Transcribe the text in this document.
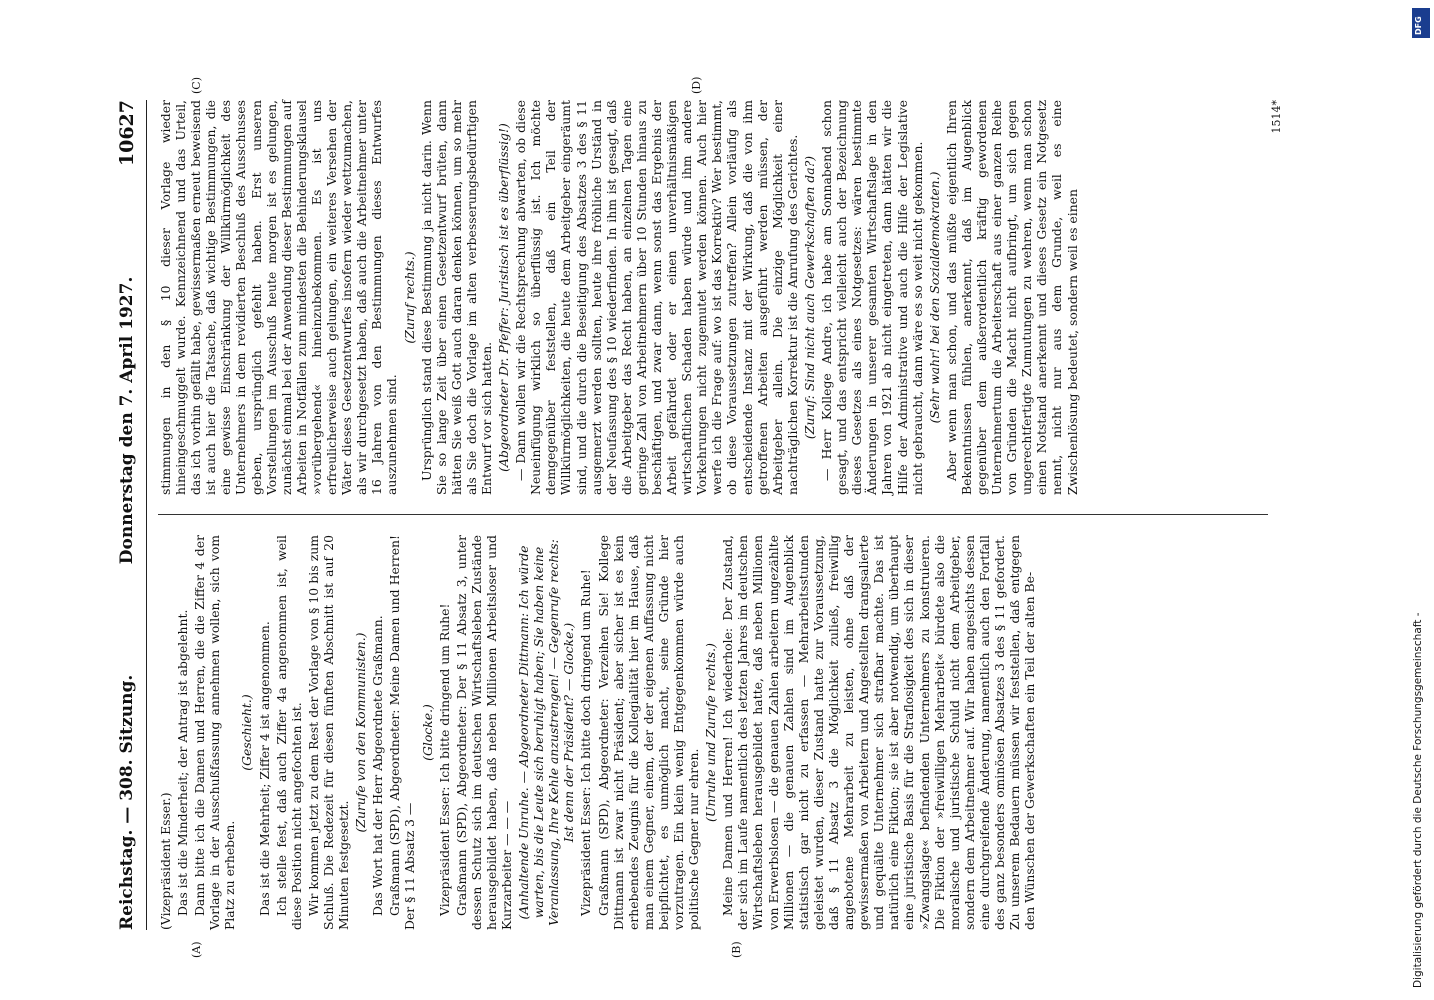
Reichstag. — 308. Sitzung.
Donnerstag den 7. April 1927.
10627

(Vizepräsident Esser.) Das ist die Minderheit; der Antrag ist abgelehnt. Dann bitte ich die Damen und Herren, die die Ziffer 4 der Vorlage in der Ausschußfassung annehmen wollen, sich vom Platz zu erheben.

(Geschieht.) Das ist die Mehrheit; Ziffer 4 ist angenommen. Ich stelle fest, daß auch Ziffer 4a angenommen ist, weil diese Position nicht angefochten ist. Wir kommen jetzt zu dem Rest der Vorlage von § 10 bis zum Schluß. Die Redezeit für diesen fünften Abschnitt ist auf 20 Minuten festgesetzt.

(Zurufe von den Kommunisten.) Das Wort hat der Herr Abgeordnete Graßmann. Graßmann (SPD), Abgeordneter: Meine Damen und Herren! Der § 11 Absatz 3 —

(Glocke.) Vizepräsident Esser: Ich bitte dringend um Ruhe! Graßmann (SPD), Abgeordneter: Der § 11 Absatz 3, unter dessen Schutz sich im deutschen Wirtschaftsleben Zustände herausgebildet haben, daß neben Millionen Arbeitsloser und Kurzarbeiter — — — (Anhaltende Unruhe. — Abgeordneter Dittmann: Ich würde warten, bis die Leute sich beruhigt haben; Sie haben keine Veranlassung, Ihre Kehle anzustrengen! — Gegenrufe rechts: Ist denn der Präsident? — Glocke.) Vizepräsident Esser: Ich bitte doch dringend um Ruhe! Graßmann (SPD), Abgeordneter: Verzeihen Sie! Kollege Dittmann ist zwar nicht Präsident; aber sicher ist es kein erhebendes Zeugnis für die Kollegialität hier im Hause, daß man einem Gegner, einem, der der eigenen Auffassung nicht beipflichtet, es unmöglich macht, seine Gründe hier vorzutragen. Ein klein wenig Entgegenkommen würde auch politische Gegner nur ehren.

(Unruhe und Zurufe rechts.) Meine Damen und Herren! Ich wiederhole: Der Zustand, der sich im Laufe namentlich des letzten Jahres im deutschen Wirtschaftsleben herausgebildet hatte, daß neben Millionen von Erwerbslosen — die genauen Zahlen arbeitern ungezählte Millionen — die genauen Zahlen sind im Augenblick statistisch gar nicht zu erfassen — Mehrarbeitsstunden geleistet wurden, dieser Zustand hatte zur Voraussetzung, daß § 11 Absatz 3 die Möglichkeit zuließ, freiwillig angebotene Mehrarbeit zu leisten, ohne daß der gewissermaßen von Arbeitern und Angestellten drangsalierte und gequälte Unternehmer sich strafbar machte. Das ist natürlich eine Fiktion; sie ist aber notwendig, um überhaupt eine juristische Basis für die Straflosigkeit des sich in dieser »Zwangslage« befindenden Unternehmers zu konstruieren. Die Fiktion der »freiwilligen Mehrarbeit« bürdete also die moralische und juristische Schuld nicht dem Arbeitgeber, sondern dem Arbeitnehmer auf. Wir haben angesichts dessen eine durchgreifende Änderung, namentlich auch den Fortfall des ganz besonders ominösen Absatzes 3 des § 11 gefordert. Zu unserem Bedauern müssen wir feststellen, daß entgegen den Wünschen der Gewerkschaften ein Teil der alten Be-

stimmungen in den § 10 dieser Vorlage wieder hineingeschmuggelt wurde. Kennzeichnend und das Urteil, das ich vorhin gefällt habe, gewissermaßen erneut beweisend ist auch hier die Tatsache, daß wichtige Bestimmungen, die eine gewisse Einschränkung der Willkürmöglichkeit des Unternehmers in dem revidierten Beschluß des Ausschusses geben, ursprünglich gefehlt haben. Erst unseren Vorstellungen im Ausschuß heute morgen ist es gelungen, zunächst einmal bei der Anwendung dieser Bestimmungen auf Arbeiten in Notfällen zum mindesten die Behinderungsklausel »vorübergehend« hineinzubekommen. Es ist uns erfreulicherweise auch gelungen, ein weiteres Versehen der Väter dieses Gesetzentwurfes insofern wieder wettzumachen, als wir durchgesetzt haben, daß auch die Arbeitnehmer unter 16 Jahren von den Bestimmungen dieses Entwurfes auszunehmen sind.

(Zuruf rechts.) Ursprünglich stand diese Bestimmung ja nicht darin. Wenn Sie so lange Zeit über einen Gesetzentwurf brüten, dann hätten Sie weiß Gott auch daran denken können, um so mehr als Sie doch die Vorlage im alten verbesserungsbedürftigen Entwurf vor sich hatten. (Abgeordneter Dr. Pfeffer: Juristisch ist es überflüssig!) — Dann wollen wir die Rechtsprechung abwarten, ob diese Neueinfügung wirklich so überflüssig ist. Ich möchte demgegenüber feststellen, daß ein Teil der Willkürmöglichkeiten, die heute dem Arbeitgeber eingeräumt sind, und die durch die Beseitigung des Absatzes 3 des § 11 ausgemerzt werden sollten, heute ihre fröhliche Urständ in der Neufassung des § 10 wiederfinden. In ihm ist gesagt, daß die Arbeitgeber das Recht haben, an einzelnen Tagen eine geringe Zahl von Arbeitnehmern über 10 Stunden hinaus zu beschäftigen, und zwar dann, wenn sonst das Ergebnis der Arbeit gefährdet oder er einen unverhältnismäßigen wirtschaftlichen Schaden haben würde und ihm andere Vorkehrungen nicht zugemutet werden können. Auch hier werfe ich die Frage auf: wo ist das Korrektiv? Wer bestimmt, ob diese Voraussetzungen zutreffen? Allein vorläufig als entscheidende Instanz mit der Wirkung, daß die von ihm getroffenen Arbeiten ausgeführt werden müssen, der Arbeitgeber allein. Die einzige Möglichkeit einer nachträglichen Korrektur ist die Anrufung des Gerichtes. (Zuruf: Sind nicht auch Gewerkschaften da?) — Herr Kollege Andre, ich habe am Sonnabend schon gesagt, und das entspricht vielleicht auch der Bezeichnung dieses Gesetzes als eines Notgesetzes: wären bestimmte Änderungen in unserer gesamten Wirtschaftslage in den Jahren von 1921 ab nicht eingetreten, dann hätten wir die Hilfe der Administrative und auch die Hilfe der Legislative nicht gebraucht, dann wäre es so weit nicht gekommen. (Sehr wahr! bei den Sozialdemokraten.) Aber wenn man schon, und das müßte eigentlich Ihren Bekenntnissen fühlen, anerkennt, daß im Augenblick gegenüber dem außerordentlich kräftig gewordenen Unternehmertum die Arbeiterschaft aus einer ganzen Reihe von Gründen die Macht nicht aufbringt, um sich gegen ungerechtfertigte Zumutungen zu wehren, wenn man schon einen Notstand anerkennt und dieses Gesetz ein Notgesetz nennt, nicht nur aus dem Grunde, weil es eine Zwischenlösung bedeutet, sondern weil es einen

(A)	(B)
(C)	(D)
1514*
DFG
Digitalisierung gefördert durch die Deutsche Forschungsgemeinschaft -
